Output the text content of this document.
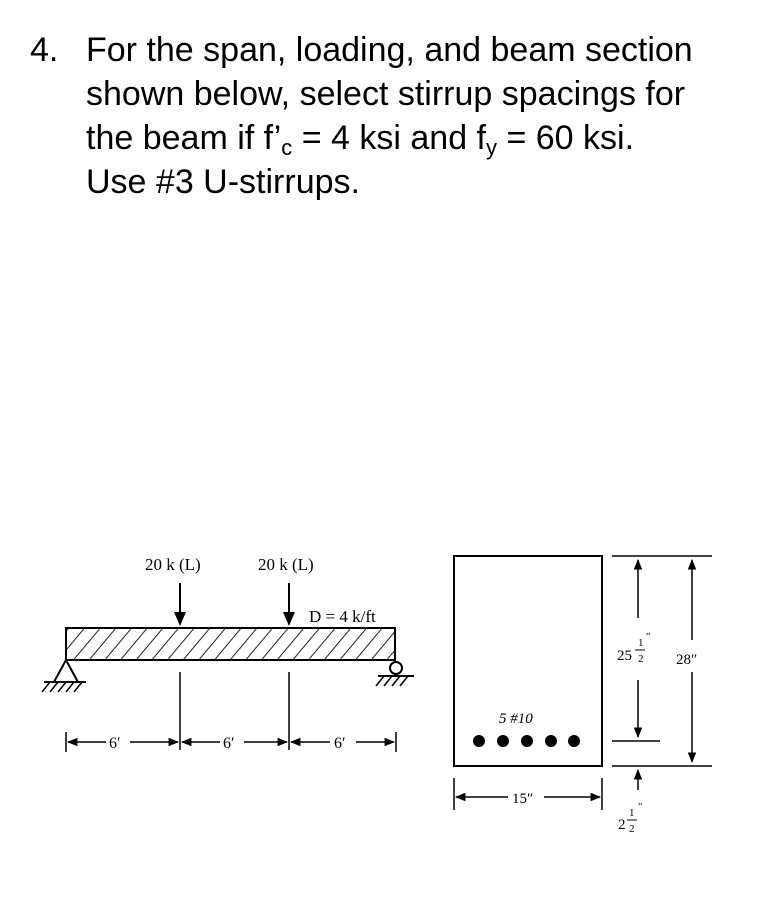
4. For the span, loading, and beam section
shown below, select stirrup spacings for
the beam if $f’_c = 4$ ksi and $f_y = 60$ ksi.
Use #3 U-stirrups.
20 k (L)	20 k (L)
D = 4 k/ft
6′	6′	6′
5 #10
15″
25
1
2
″
28″
2
1
2
″
